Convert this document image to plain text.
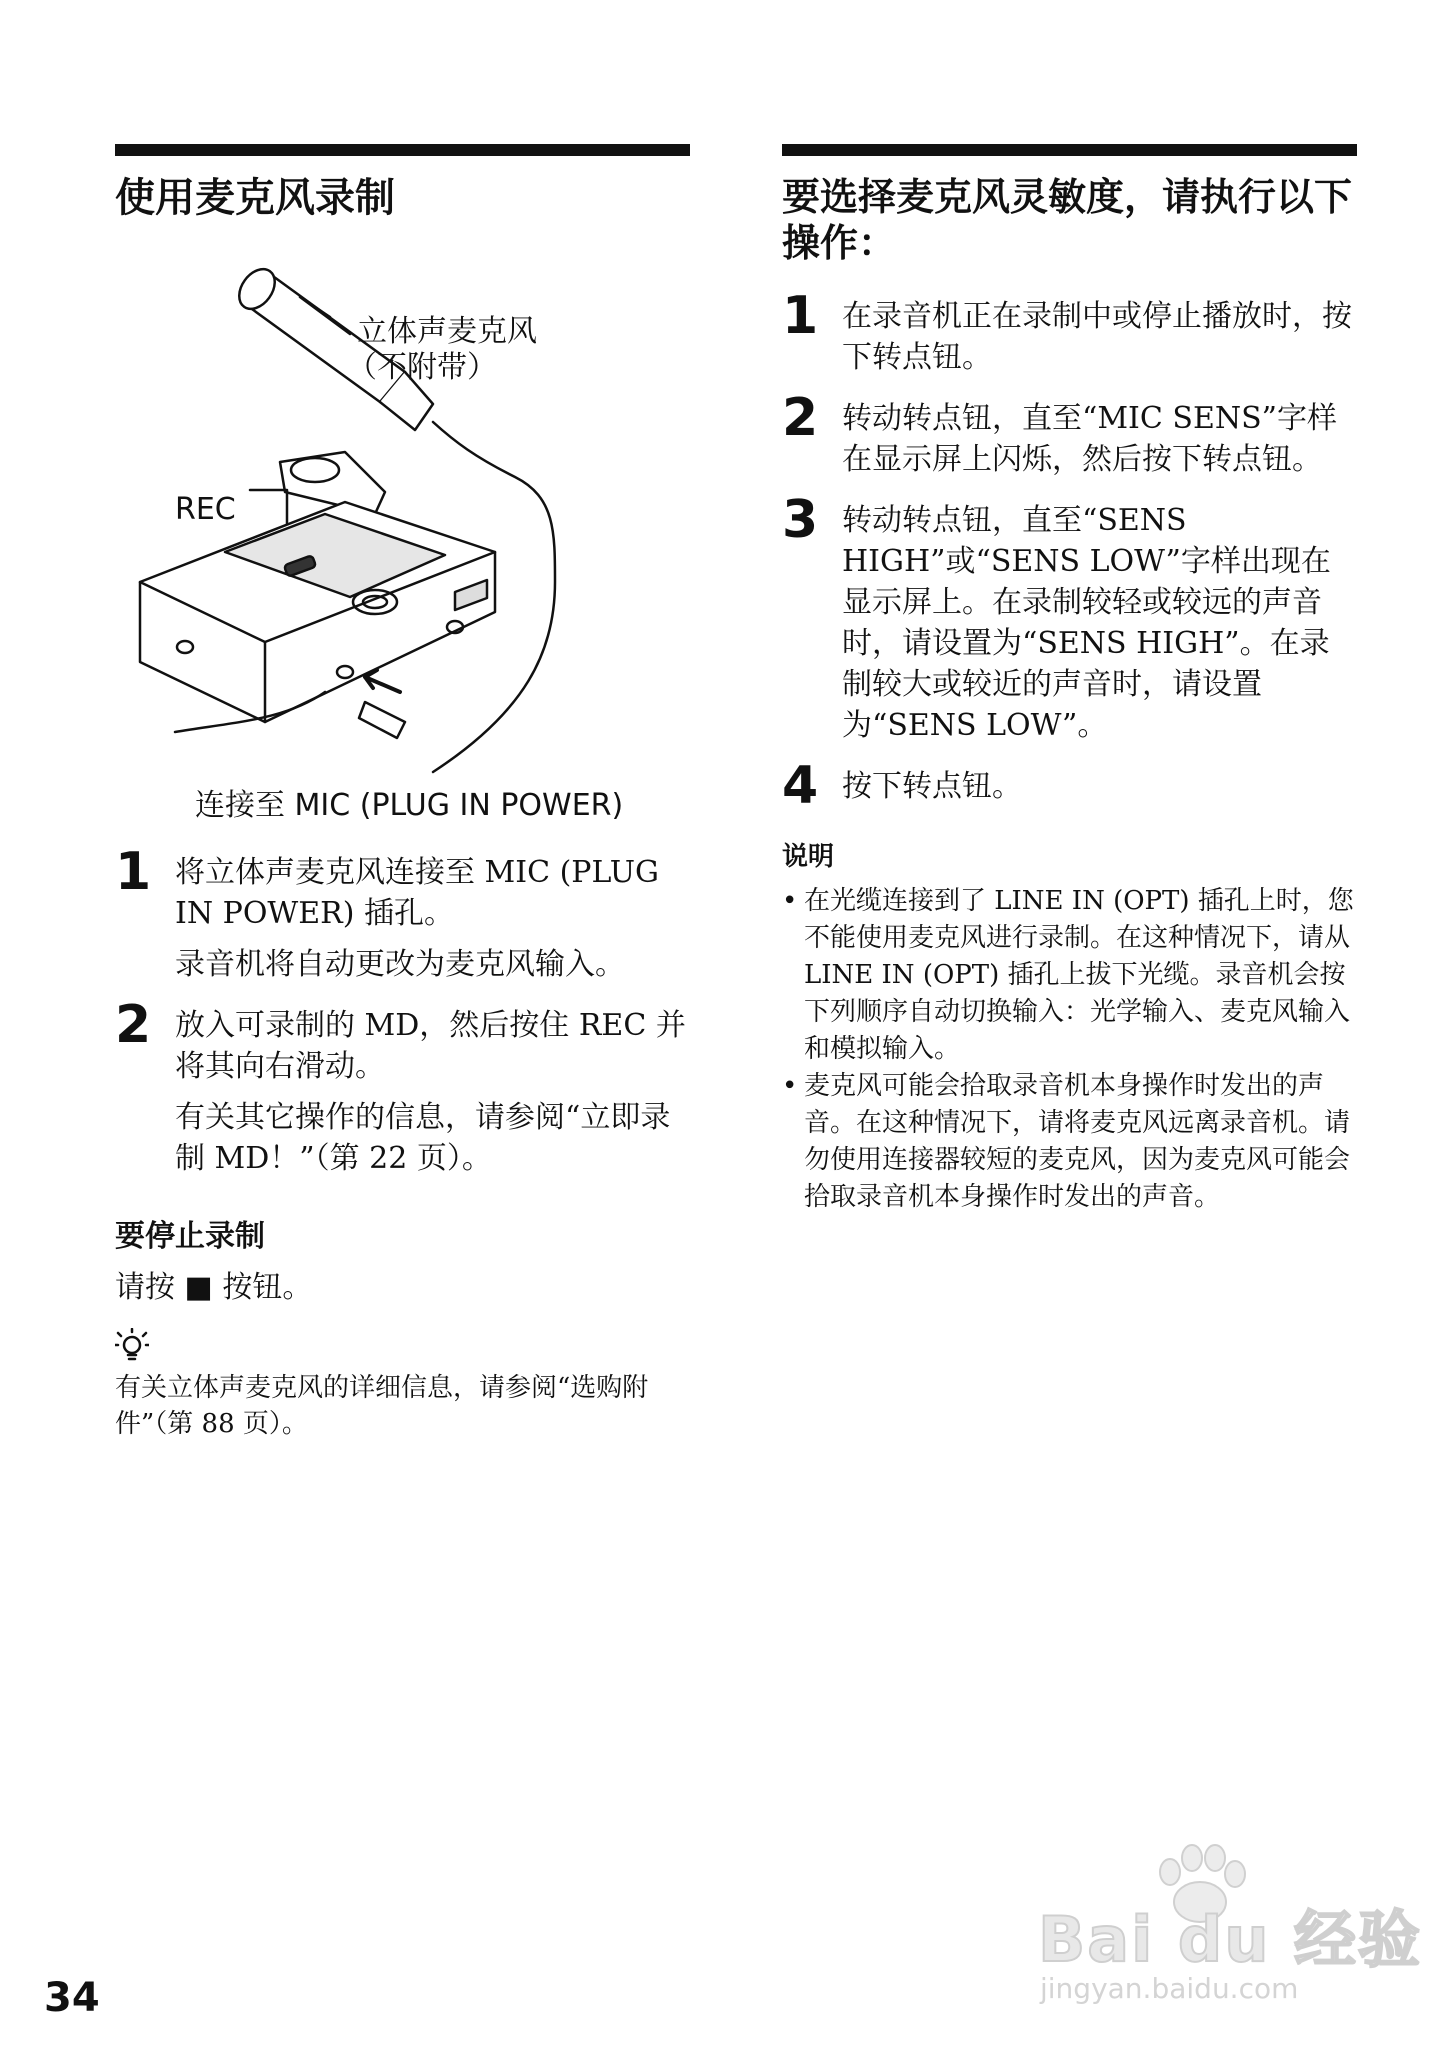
使用麦克风录制
立体声麦克风
（不附带）
REC
连接至 MIC (PLUG IN POWER)
1 将立体声麦克风连接至 MIC (PLUG IN POWER) 插孔。

录音机将自动更改为麦克风输入。

2 放入可录制的 MD，然后按住 REC 并将其向右滑动。

有关其它操作的信息，请参阅“立即录制 MD！”（第 22 页）。

要停止录制

请按 ■ 按钮。

有关立体声麦克风的详细信息，请参阅“选购附件”（第 88 页）。

要选择麦克风灵敏度，请执行以下操作：
1 在录音机正在录制中或停止播放时，按下转点钮。

2 转动转点钮，直至“MIC SENS”字样在显示屏上闪烁，然后按下转点钮。

3 转动转点钮，直至“SENS HIGH”或“SENS LOW”字样出现在显示屏上。在录制较轻或较远的声音时，请设置为“SENS HIGH”。在录制较大或较近的声音时，请设置为“SENS LOW”。

4 按下转点钮。

说明

• 在光缆连接到了 LINE IN (OPT) 插孔上时，您不能使用麦克风进行录制。在这种情况下，请从 LINE IN (OPT) 插孔上拔下光缆。录音机会按下列顺序自动切换输入：光学输入、麦克风输入和模拟输入。

• 麦克风可能会拾取录音机本身操作时发出的声音。在这种情况下，请将麦克风远离录音机。请勿使用连接器较短的麦克风，因为麦克风可能会拾取录音机本身操作时发出的声音。

34
Bai du 经验
jingyan.baidu.com
